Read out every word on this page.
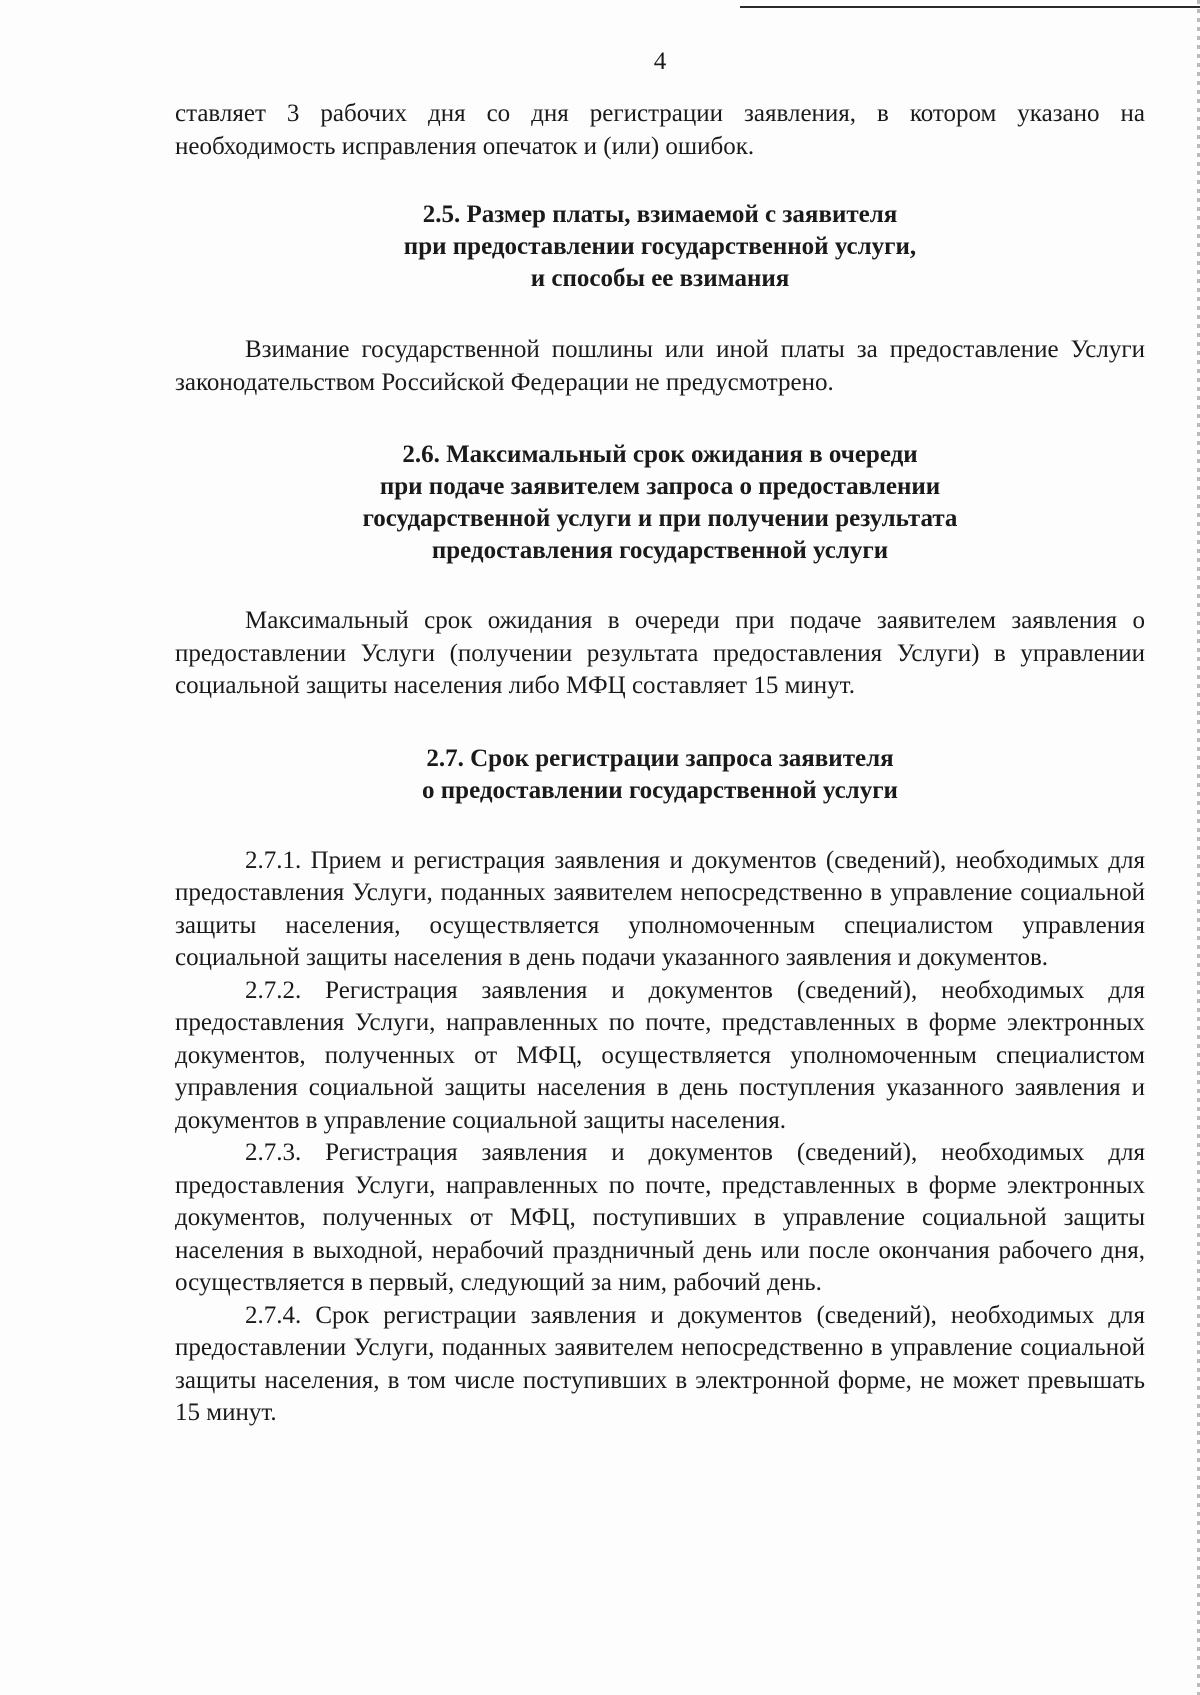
4

ставляет 3 рабочих дня со дня регистрации заявления, в котором указано на необходимость исправления опечаток и (или) ошибок.

2.5. Размер платы, взимаемой с заявителя
при предоставлении государственной услуги,
и способы ее взимания

Взимание государственной пошлины или иной платы за предоставление Услуги законодательством Российской Федерации не предусмотрено.

2.6. Максимальный срок ожидания в очереди
при подаче заявителем запроса о предоставлении
государственной услуги и при получении результата
предоставления государственной услуги

Максимальный срок ожидания в очереди при подаче заявителем заявления о предоставлении Услуги (получении результата предоставления Услуги) в управлении социальной защиты населения либо МФЦ составляет 15 минут.

2.7. Срок регистрации запроса заявителя
о предоставлении государственной услуги

2.7.1. Прием и регистрация заявления и документов (сведений), необходимых для предоставления Услуги, поданных заявителем непосредственно в управление социальной защиты населения, осуществляется уполномоченным специалистом управления социальной защиты населения в день подачи указанного заявления и документов.

2.7.2. Регистрация заявления и документов (сведений), необходимых для предоставления Услуги, направленных по почте, представленных в форме электронных документов, полученных от МФЦ, осуществляется уполномоченным специалистом управления социальной защиты населения в день поступления указанного заявления и документов в управление социальной защиты населения.

2.7.3. Регистрация заявления и документов (сведений), необходимых для предоставления Услуги, направленных по почте, представленных в форме электронных документов, полученных от МФЦ, поступивших в управление социальной защиты населения в выходной, нерабочий праздничный день или после окончания рабочего дня, осуществляется в первый, следующий за ним, рабочий день.

2.7.4. Срок регистрации заявления и документов (сведений), необходимых для предоставлении Услуги, поданных заявителем непосредственно в управление социальной защиты населения, в том числе поступивших в электронной форме, не может превышать 15 минут.
